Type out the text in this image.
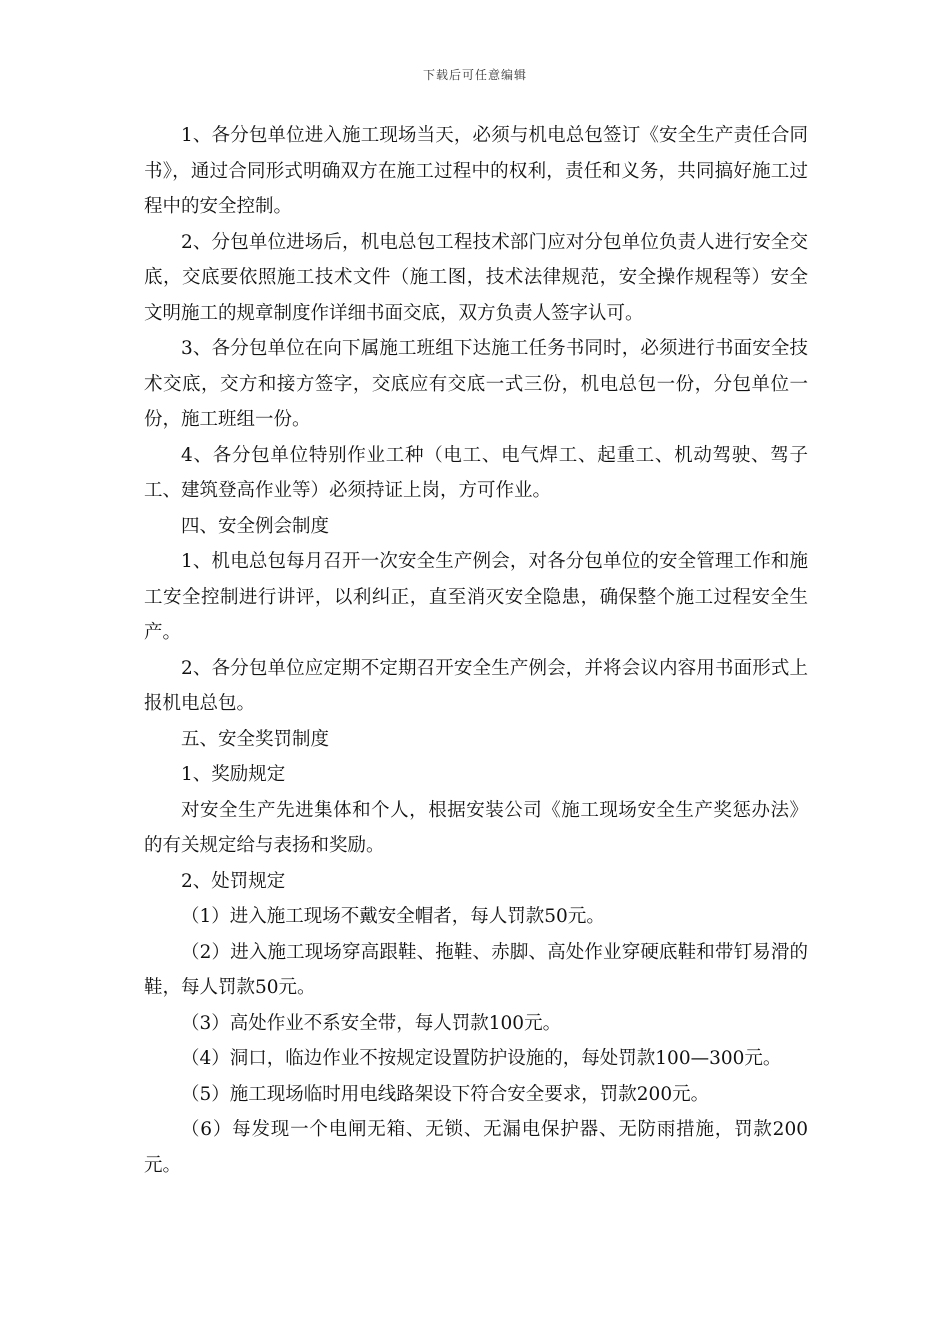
下载后可任意编辑

1、各分包单位进入施工现场当天，必须与机电总包签订《安全生产责任合同书》，通过合同形式明确双方在施工过程中的权利，责任和义务，共同搞好施工过程中的安全控制。

2、分包单位进场后，机电总包工程技术部门应对分包单位负责人进行安全交底，交底要依照施工技术文件（施工图，技术法律规范，安全操作规程等）安全文明施工的规章制度作详细书面交底，双方负责人签字认可。

3、各分包单位在向下属施工班组下达施工任务书同时，必须进行书面安全技术交底，交方和接方签字，交底应有交底一式三份，机电总包一份，分包单位一份，施工班组一份。

4、各分包单位特别作业工种（电工、电气焊工、起重工、机动驾驶、驾子工、建筑登高作业等）必须持证上岗，方可作业。

四、安全例会制度

1、机电总包每月召开一次安全生产例会，对各分包单位的安全管理工作和施工安全控制进行讲评，以利纠正，直至消灭安全隐患，确保整个施工过程安全生产。

2、各分包单位应定期不定期召开安全生产例会，并将会议内容用书面形式上报机电总包。

五、安全奖罚制度

1、奖励规定

对安全生产先进集体和个人，根据安装公司《施工现场安全生产奖惩办法》的有关规定给与表扬和奖励。

2、处罚规定

（1）进入施工现场不戴安全帽者，每人罚款50元。

（2）进入施工现场穿高跟鞋、拖鞋、赤脚、高处作业穿硬底鞋和带钉易滑的鞋，每人罚款50元。

（3）高处作业不系安全带，每人罚款100元。

（4）洞口，临边作业不按规定设置防护设施的，每处罚款100—300元。

（5）施工现场临时用电线路架设下符合安全要求，罚款200元。

（6）每发现一个电闸无箱、无锁、无漏电保护器、无防雨措施，罚款200元。
